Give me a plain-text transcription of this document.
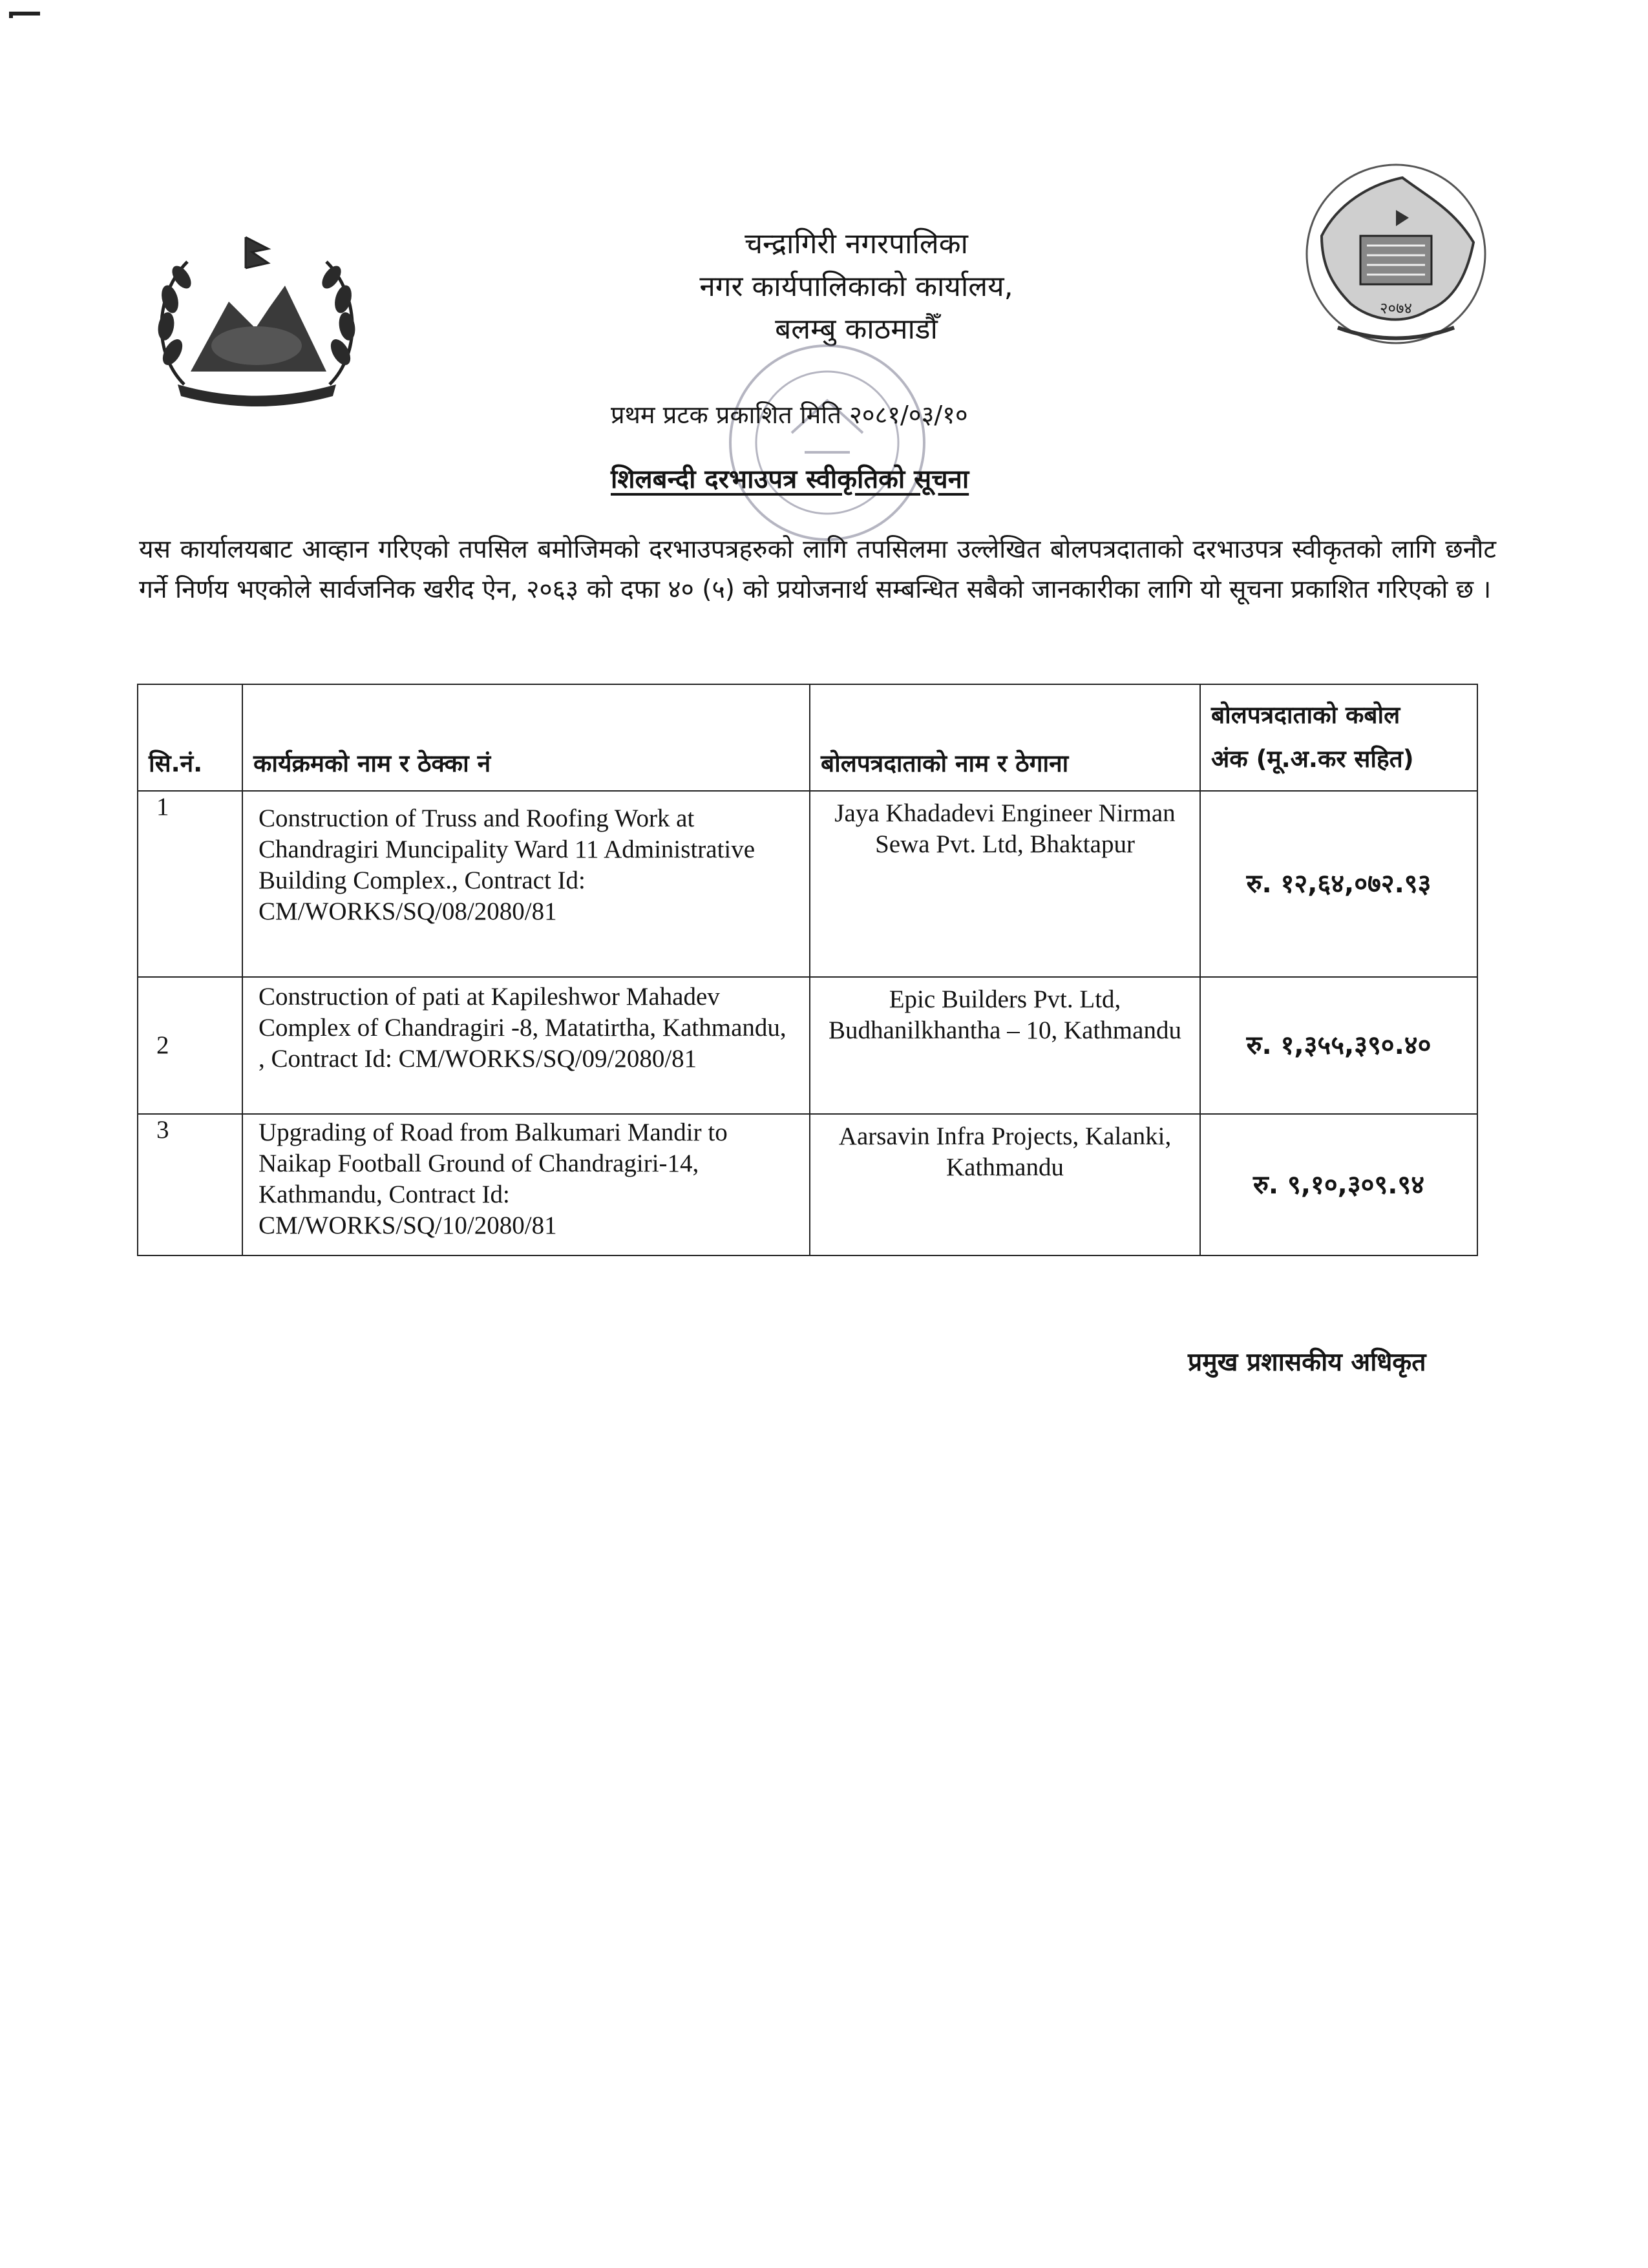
चन्द्रागिरी नगरपालिका
नगर कार्यपालिकाको कार्यालय,
बलम्बु काठमाडौँ
२०७४
प्रथम प्रटक प्रकाशित मिति २०८१/०३/१०
शिलबन्दी दरभाउपत्र स्वीकृतिको सूचना
यस कार्यालयबाट आव्हान गरिएको तपसिल बमोजिमको दरभाउपत्रहरुको लागि तपसिलमा उल्लेखित बोलपत्रदाताको दरभाउपत्र स्वीकृतको लागि छनौट गर्ने निर्णय भएकोले सार्वजनिक खरीद ऐन, २०६३ को दफा ४० (५) को प्रयोजनार्थ सम्बन्धित सबैको जानकारीका लागि यो सूचना प्रकाशित गरिएको छ ।
सि.नं.	कार्यक्रमको नाम र ठेक्का नं	बोलपत्रदाताको नाम र ठेगाना	बोलपत्रदाताको कबोल
अंक (मू.अ.कर सहित)

1	Construction of Truss and Roofing Work at Chandragiri Muncipality Ward 11 Administrative Building Complex., Contract Id: CM/WORKS/SQ/08/2080/81	Jaya Khadadevi Engineer Nirman Sewa Pvt. Ltd, Bhaktapur	रु. १२,६४,०७२.९३
2	Construction of pati at Kapileshwor Mahadev Complex of Chandragiri -8, Matatirtha, Kathmandu, , Contract Id: CM/WORKS/SQ/09/2080/81	Epic Builders Pvt. Ltd, Budhanilkhantha – 10, Kathmandu	रु. १,३५५,३९०.४०
3	Upgrading of Road from Balkumari Mandir to Naikap Football Ground of Chandragiri-14, Kathmandu, Contract Id: CM/WORKS/SQ/10/2080/81	Aarsavin Infra Projects, Kalanki, Kathmandu	रु. ९,१०,३०९.९४
प्रमुख प्रशासकीय अधिकृत
